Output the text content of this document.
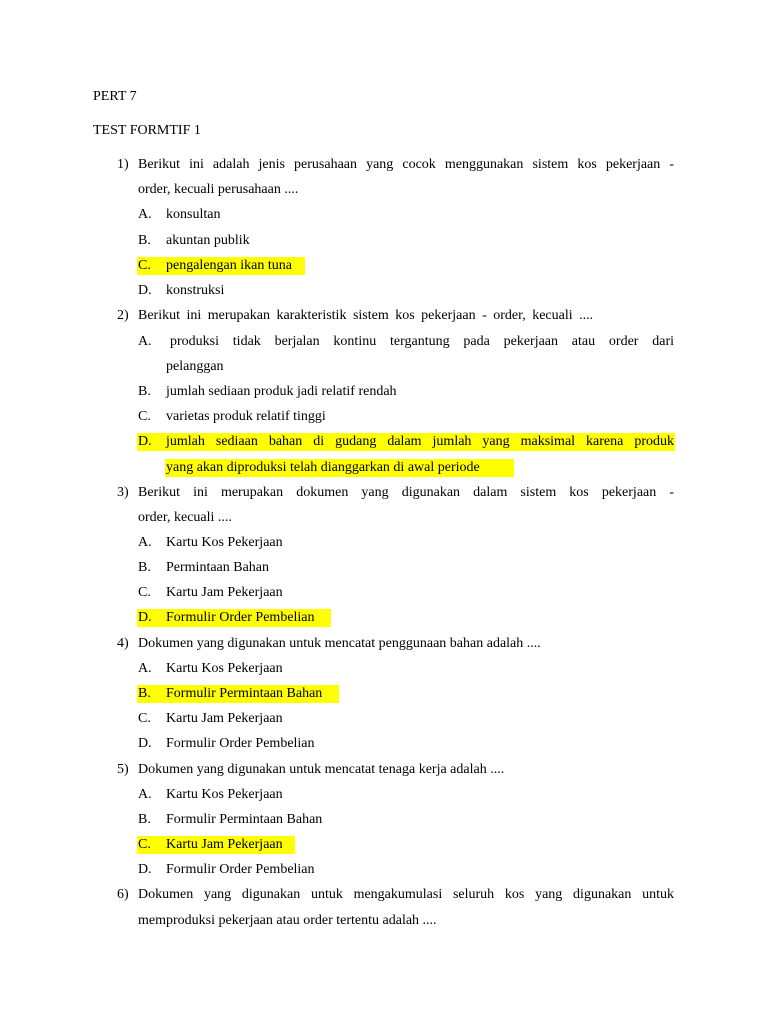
PERT 7
TEST FORMTIF 1
1) Berikut ini adalah jenis perusahaan yang cocok menggunakan sistem kos pekerjaan -
order, kecuali perusahaan ....
A. konsultan
B. akuntan publik
C. pengalengan ikan tuna
D. konstruksi
2) Berikut ini merupakan karakteristik sistem kos pekerjaan - order, kecuali ....
A. produksi tidak berjalan kontinu tergantung pada pekerjaan atau order dari
pelanggan
B. jumlah sediaan produk jadi relatif rendah
C. varietas produk relatif tinggi
D. jumlah sediaan bahan di gudang dalam jumlah yang maksimal karena produk
yang akan diproduksi telah dianggarkan di awal periode
3) Berikut ini merupakan dokumen yang digunakan dalam sistem kos pekerjaan -
order, kecuali ....
A. Kartu Kos Pekerjaan
B. Permintaan Bahan
C. Kartu Jam Pekerjaan
D. Formulir Order Pembelian
4) Dokumen yang digunakan untuk mencatat penggunaan bahan adalah ....
A. Kartu Kos Pekerjaan
B. Formulir Permintaan Bahan
C. Kartu Jam Pekerjaan
D. Formulir Order Pembelian
5) Dokumen yang digunakan untuk mencatat tenaga kerja adalah ....
A. Kartu Kos Pekerjaan
B. Formulir Permintaan Bahan
C. Kartu Jam Pekerjaan
D. Formulir Order Pembelian
6) Dokumen yang digunakan untuk mengakumulasi seluruh kos yang digunakan untuk
memproduksi pekerjaan atau order tertentu adalah ....
